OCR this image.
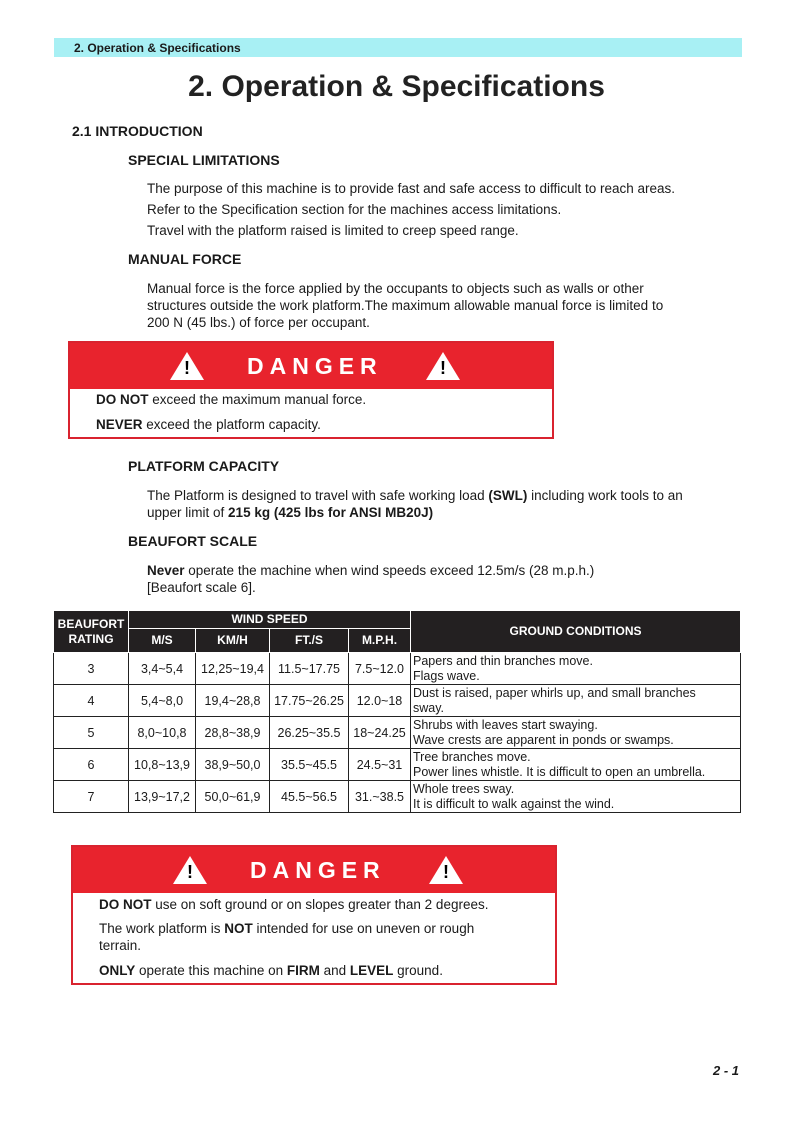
2. Operation & Specifications
2. Operation & Specifications
2.1 INTRODUCTION
SPECIAL LIMITATIONS
The purpose of this machine is to provide fast and safe access to difficult to reach areas.
Refer to the Specification section for the machines access limitations.
Travel with the platform raised is limited to creep speed range.
MANUAL FORCE
Manual force is the force applied by the occupants to objects such as walls or other
structures outside the work platform.The maximum allowable manual force is limited to
200 N (45 lbs.) of force per occupant.
!	DANGER	!
DO NOT exceed the maximum manual force.
NEVER exceed the platform capacity.
PLATFORM CAPACITY
The Platform is designed to travel with safe working load (SWL) including work tools to an
upper limit of 215 kg (425 lbs for ANSI MB20J)
BEAUFORT SCALE
Never operate the machine when wind speeds exceed 12.5m/s (28 m.p.h.)
[Beaufort scale 6].
BEAUFORT
RATING	WIND SPEED				GROUND CONDITIONS
	M/S	KM/H	FT./S	M.P.H.	
3	3,4~5,4	12,25~19,4	11.5~17.75	7.5~12.0	Papers and thin branches move.
Flags wave.

4	5,4~8,0	19,4~28,8	17.75~26.25	12.0~18	Dust is raised, paper whirls up, and small branches
sway.

5	8,0~10,8	28,8~38,9	26.25~35.5	18~24.25	Shrubs with leaves start swaying.
Wave crests are apparent in ponds or swamps.

6	10,8~13,9	38,9~50,0	35.5~45.5	24.5~31	Tree branches move.
Power lines whistle. It is difficult to open an umbrella.

7	13,9~17,2	50,0~61,9	45.5~56.5	31.~38.5	Whole trees sway.
It is difficult to walk against the wind.
!	DANGER	!
DO NOT use on soft ground or on slopes greater than 2 degrees.
The work platform is NOT intended for use on uneven or rough
terrain.
ONLY operate this machine on FIRM and LEVEL ground.
2 - 1
